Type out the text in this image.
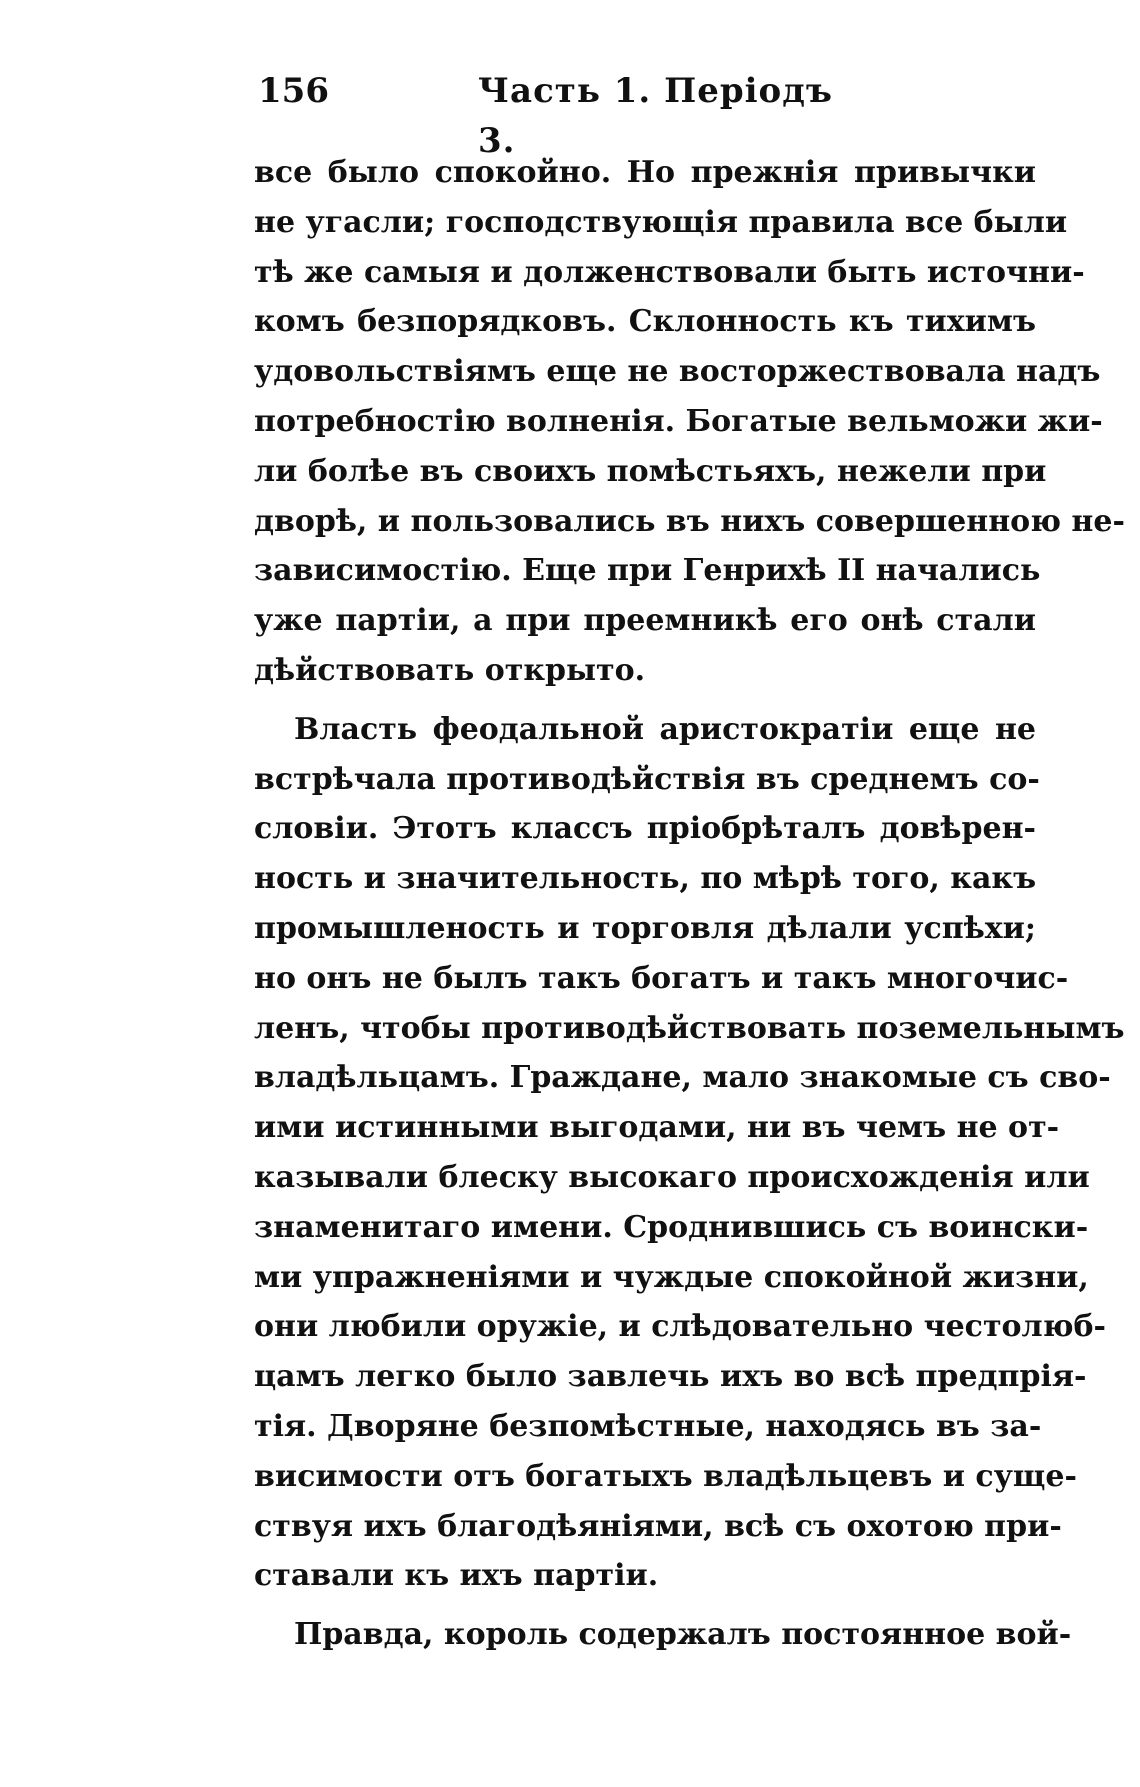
156	Часть 1. Періодъ 3.
все было спокойно. Но прежнія привычки
не угасли; господствующія правила все были
тѣ же самыя и долженствовали быть источни-
комъ безпорядковъ. Склонность къ тихимъ
удовольствіямъ еще не восторжествовала надъ
потребностію волненія. Богатые вельможи жи-
ли болѣе въ своихъ помѣстьяхъ, нежели при
дворѣ, и пользовались въ нихъ совершенною не-
зависимостію. Еще при Генрихѣ II начались
уже партіи, а при преемникѣ его онѣ стали
дѣйствовать открыто.
Власть феодальной аристократіи еще не
встрѣчала противодѣйствія въ среднемъ со-
словіи. Этотъ классъ пріобрѣталъ довѣрен-
ность и значительность, по мѣрѣ того, какъ
промышленость и торговля дѣлали успѣхи;
но онъ не былъ такъ богатъ и такъ многочис-
ленъ, чтобы противодѣйствовать поземельнымъ
владѣльцамъ. Граждане, мало знакомые съ сво-
ими истинными выгодами, ни въ чемъ не от-
казывали блеску высокаго происхожденія или
знаменитаго имени. Сроднившись съ воински-
ми упражненіями и чуждые спокойной жизни,
они любили оружіе, и слѣдовательно честолюб-
цамъ легко было завлечь ихъ во всѣ предпрія-
тія. Дворяне безпомѣстные, находясь въ за-
висимости отъ богатыхъ владѣльцевъ и суще-
ствуя ихъ благодѣяніями, всѣ съ охотою при-
ставали къ ихъ партіи.
Правда, король содержалъ постоянное вой-
